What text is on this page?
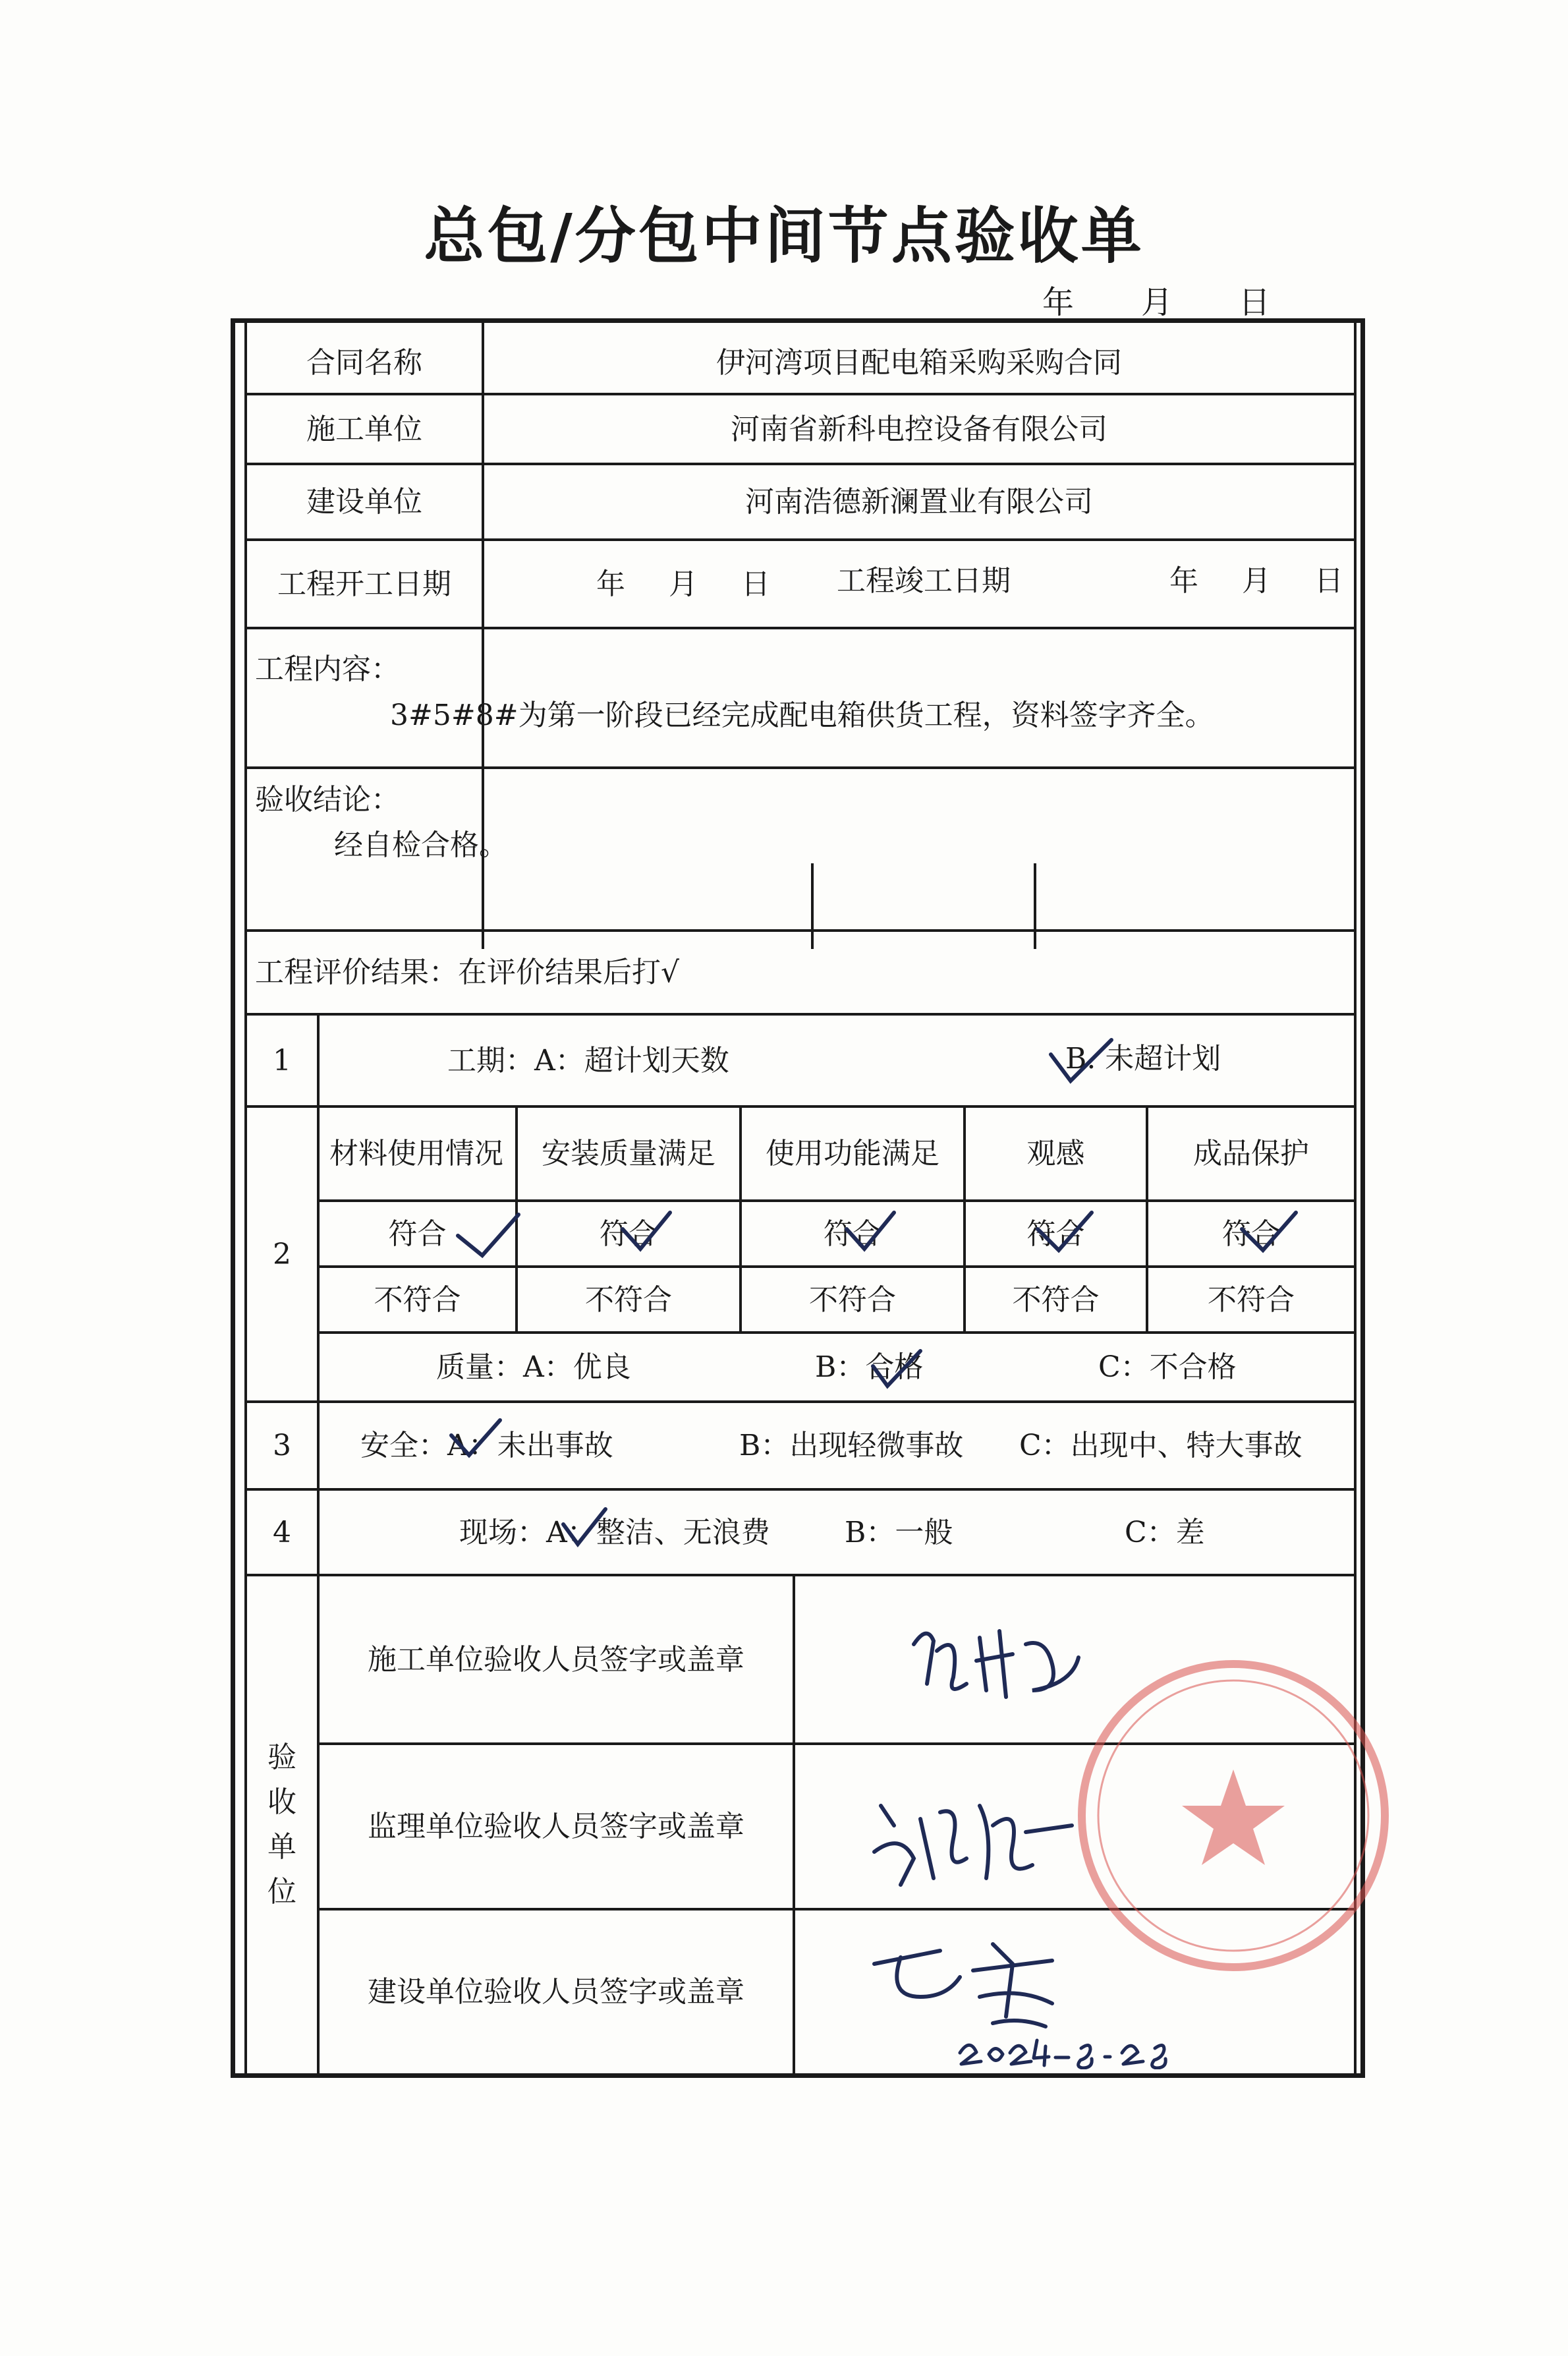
总包/分包中间节点验收单
年 月 日
合同名称	伊河湾项目配电箱采购采购合同
施工单位	河南省新科电控设备有限公司
建设单位	河南浩德新澜置业有限公司
工程开工日期	年 月 日	工程竣工日期	年 月 日
工程内容：
3#5#8#为第一阶段已经完成配电箱供货工程，资料签字齐全。
验收结论：
经自检合格。
工程评价结果：在评价结果后打√
1	工期：A：超计划天数	B. 未超计划
2
材料使用情况	安装质量满足	使用功能满足	观感	成品保护
符合	符合	符合	符合	符合
不符合	不符合	不符合	不符合	不符合
质量：A：优良	B：合格	C：不合格
3	安全：A：未出事故	B：出现轻微事故	C：出现中、特大事故
4	现场：A：整洁、无浪费	B：一般	C：差
验收单位
施工单位验收人员签字或盖章
监理单位验收人员签字或盖章
建设单位验收人员签字或盖章
